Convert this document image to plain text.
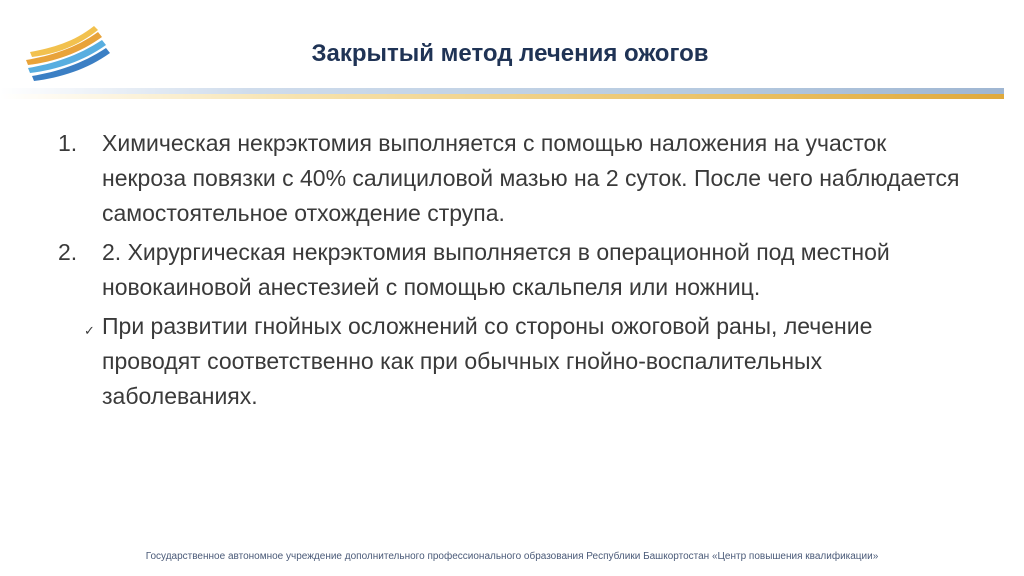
Закрытый метод лечения ожогов
1.	Химическая некрэктомия выполняется с помощью наложения на участок некроза повязки с 40% салициловой мазью на 2 суток. После чего наблюдается самостоятельное отхождение струпа.
2.	2. Хирургическая некрэктомия выполняется в операционной под местной новокаиновой анестезией с помощью скальпеля или ножниц.
✓ При развитии гнойных осложнений со стороны ожоговой раны, лечение проводят соответственно как при обычных гнойно-воспалительных заболеваниях.
Государственное автономное учреждение дополнительного профессионального образования Республики Башкортостан «Центр повышения квалификации»
